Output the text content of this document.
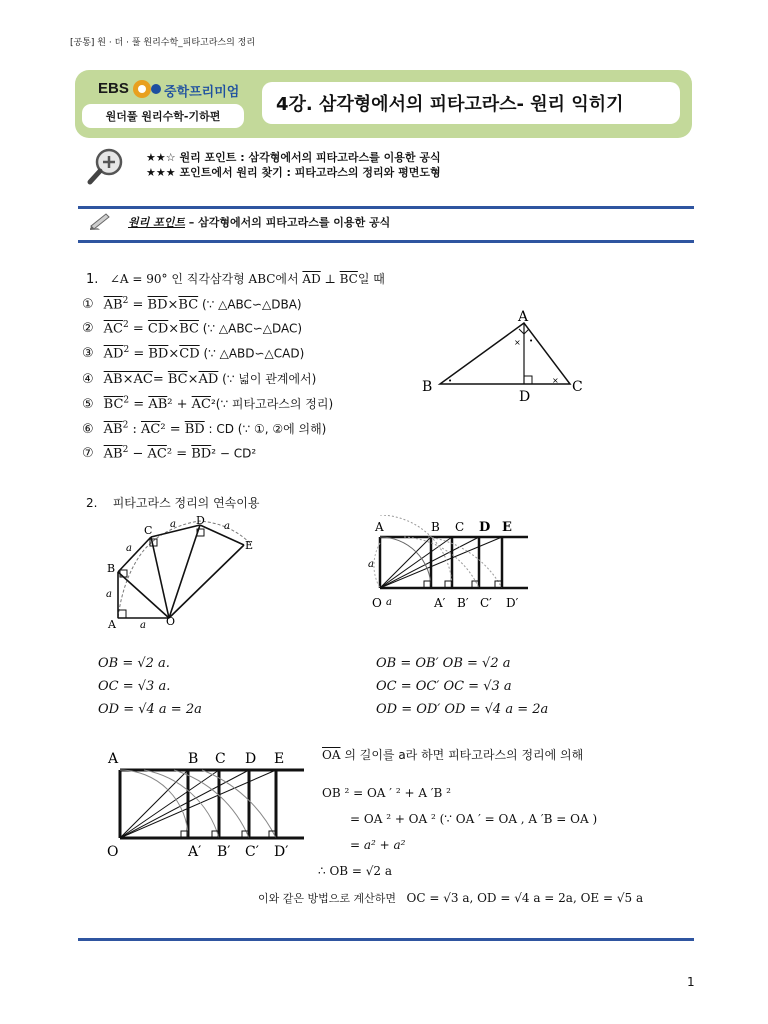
[공통] 원 · 더 · 풀 원리수학_피타고라스의 정리
EBS	중학프리미엄
원더풀 원리수학-기하편
4강. 삼각형에서의 피타고라스- 원리 익히기
★★☆ 원리 포인트 : 삼각형에서의 피타고라스를 이용한 공식
★★★ 포인트에서 원리 찾기 : 피타고라스의 정리와 평면도형
원리 포인트 – 삼각형에서의 피타고라스를 이용한 공식
1. ∠A = 90° 인 직각삼각형 ABC에서 $\overline{AD}$ ⊥ $\overline{BC}$일 때
① $\overline{AB}^2 = \overline{BD}\times\overline{BC}$ (∵ △ABC∽△DBA)
② $\overline{AC}^2 = \overline{CD}\times\overline{BC}$ (∵ △ABC∽△DAC)
③ $\overline{AD}^2 = \overline{BD}\times\overline{CD}$ (∵ △ABD∽△CAD)
④ $AB\times AC= \overline{BC}\times\overline{AD}$ (∵ 넓이 관계에서)
⑤ $\overline{BC}^2 = \overline{AB}^2$ + $\overline{AC}^2(\because$ 피타고라스의 정리)
⑥ $\overline{AB}^2$ : $\overline{AC}^2 = \overline{BD}$ : CD (∵ ①, ②에 의해)
⑦ $\overline{AB}^2 - \overline{AC}^2 = \overline{BD}^2 - CD^2$
× •
•	×
A
B	C
D
2. 피타고라스 정리의 연속이용
A	O
B
C
D
E
a
a
a
a	a	A	B C D E
O a
a
A′ B′ C′ D′
OB = √2 a.
OC = √3 a.
OD = √4 a = 2a
OB = OB′ OB = √2 a
OC = OC′ OC = √3 a
OD = OD′ OD = √4 a = 2a
A	B C D E
O	A′ B′ C′ D′
$\overline{OA}$ 의 길이를 a라 하면 피타고라스의 정리에 의해
OB ² = OA ′ ² + A ′B ²
= OA ² + OA ² (∵ OA ′ = OA , A ′B = OA )
= a² + a²
∴ OB = √2 a
이와 같은 방법으로 계산하면 OC = √3 a, OD = √4 a = 2a, OE = √5 a
1
